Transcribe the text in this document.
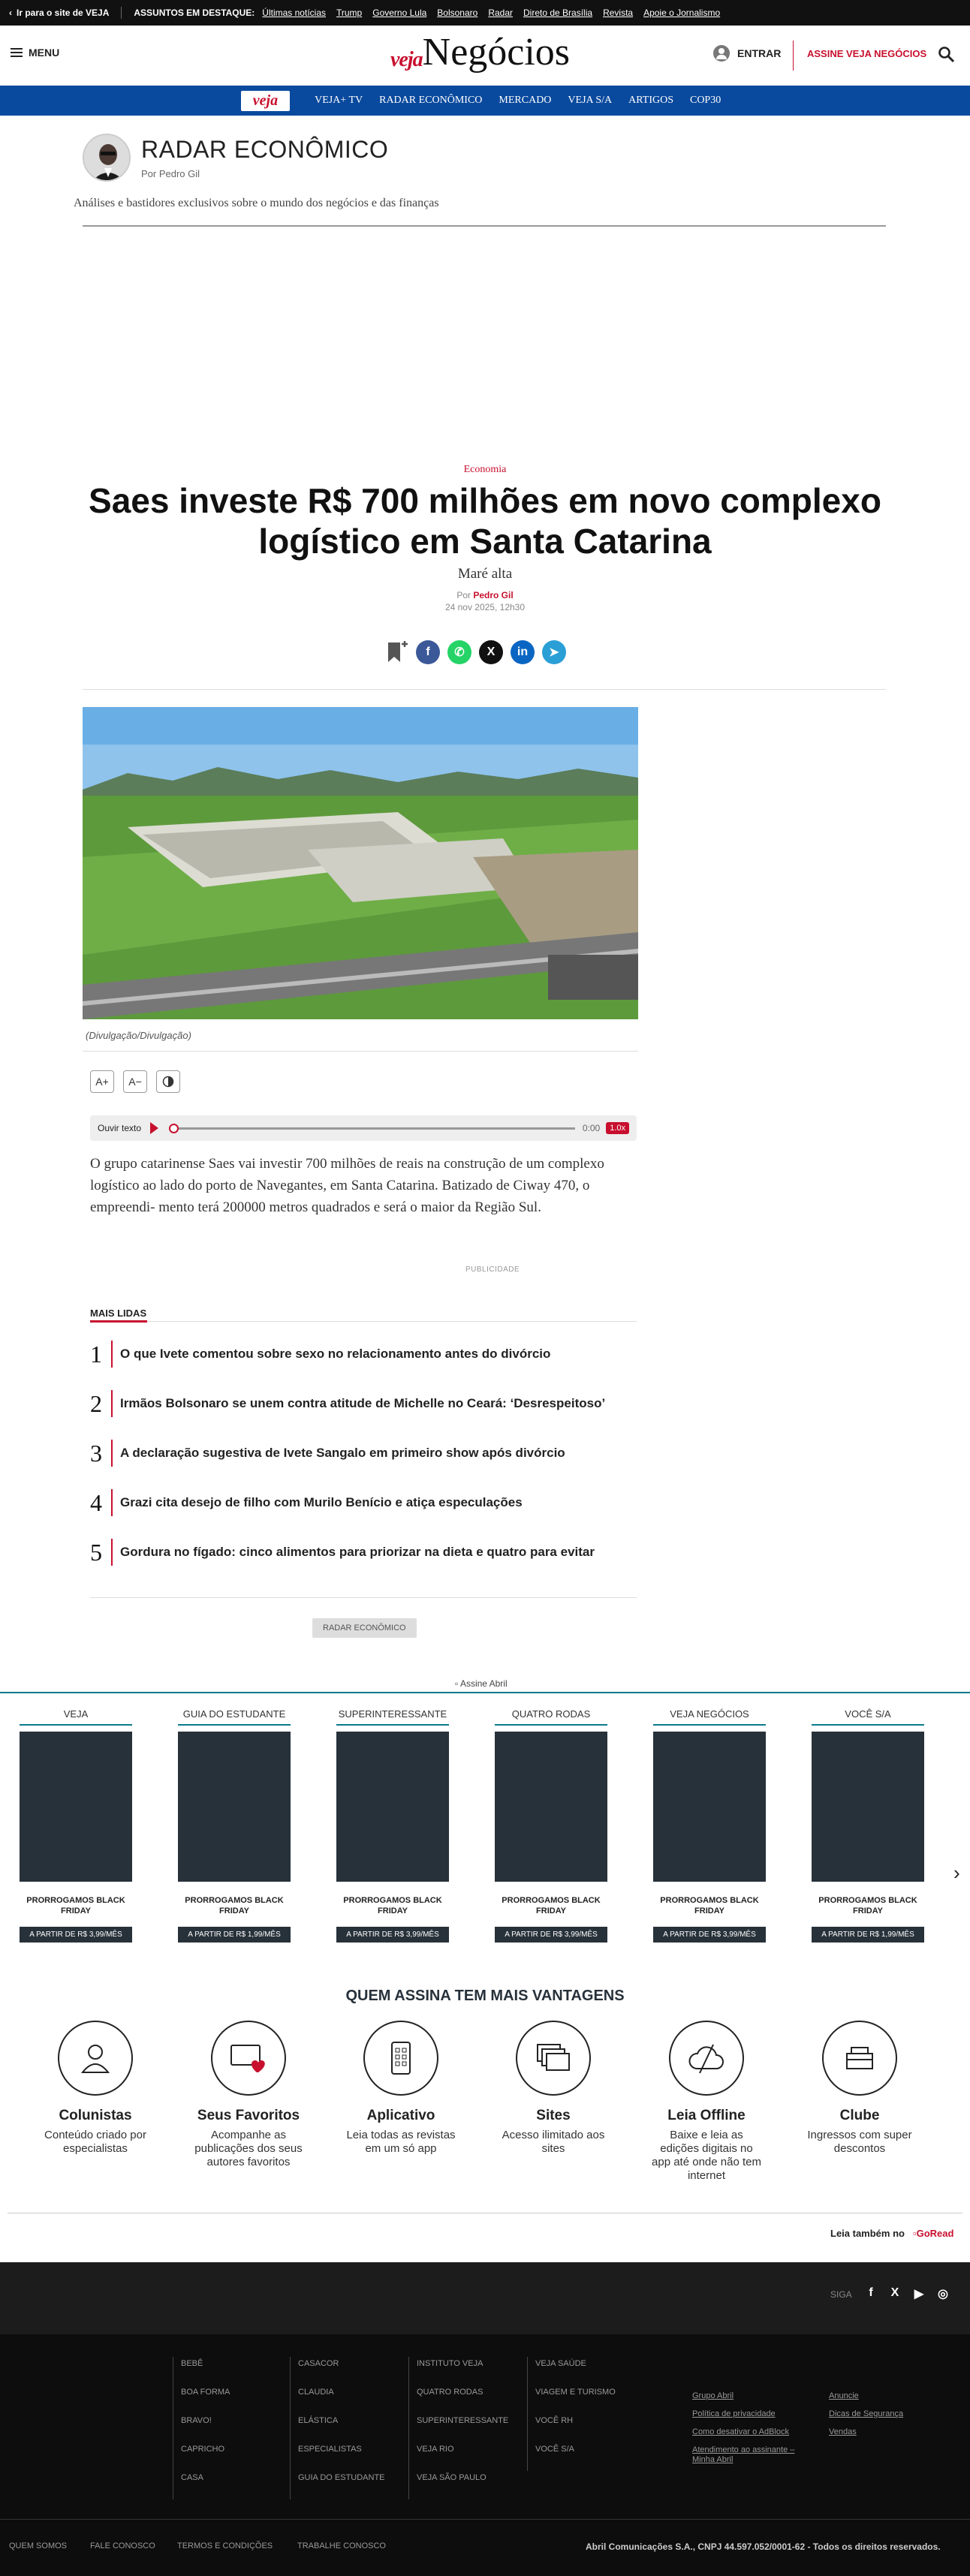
‹ Ir para o site de VEJA	ASSUNTOS EM DESTAQUE: Últimas notícias Trump Governo Lula Bolsonaro Radar Direto de Brasília Revista Apoie o Jornalismo
MENU	veja Negócios	ENTRAR	ASSINE VEJA NEGÓCIOS
veja	VEJA+ TV RADAR ECONÔMICO MERCADO VEJA S/A ARTIGOS COP30
RADAR ECONÔMICO
Por Pedro Gil
Análises e bastidores exclusivos sobre o mundo dos negócios e das finanças
Economia
Saes investe R$ 700 milhões em novo complexo logístico em Santa Catarina
Maré alta
Por Pedro Gil
24 nov 2025, 12h30
f	✆	X	in	➤
(Divulgação/Divulgação)
A+	A−
Ouvir texto	0:00	1.0x

O grupo catarinense Saes vai investir 700 milhões de reais na construção de um complexo logístico ao lado do porto de Navegantes, em Santa Catarina. Batizado de Ciway 470, o empreendi- mento terá 200000 metros quadrados e será o maior da Região Sul.

PUBLICIDADE
MAIS LIDAS
1	O que Ivete comentou sobre sexo no relacionamento antes do divórcio
2	Irmãos Bolsonaro se unem contra atitude de Michelle no Ceará: ‘Desrespeitoso’
3	A declaração sugestiva de Ivete Sangalo em primeiro show após divórcio
4	Grazi cita desejo de filho com Murilo Benício e atiça especulações
5	Gordura no fígado: cinco alimentos para priorizar na dieta e quatro para evitar
RADAR ECONÔMICO
▫ Assine Abril
VEJA
PRORROGAMOS BLACK FRIDAY
A PARTIR DE R$ 3,99/MÊS
GUIA DO ESTUDANTE
PRORROGAMOS BLACK FRIDAY
A PARTIR DE R$ 1,99/MÊS
SUPERINTERESSANTE
PRORROGAMOS BLACK FRIDAY
A PARTIR DE R$ 3,99/MÊS
QUATRO RODAS
PRORROGAMOS BLACK FRIDAY
A PARTIR DE R$ 3,99/MÊS
VEJA NEGÓCIOS
PRORROGAMOS BLACK FRIDAY
A PARTIR DE R$ 3,99/MÊS
VOCÊ S/A
PRORROGAMOS BLACK FRIDAY
A PARTIR DE R$ 1,99/MÊS
›
QUEM ASSINA TEM MAIS VANTAGENS
Colunistas
Conteúdo criado por especialistas
Seus Favoritos
Acompanhe as publicações dos seus autores favoritos
Aplicativo
Leia todas as revistas em um só app
Sites
Acesso ilimitado aos sites
Leia Offline
Baixe e leia as edições digitais no app até onde não tem internet
Clube
Ingressos com super descontos
Leia também no ▫GoRead
SIGA	f	X ▶ ◎
BEBÊ
BOA FORMA
BRAVO!
CAPRICHO
CASA
CASACOR
CLAUDIA
ELÁSTICA
ESPECIALISTAS
GUIA DO ESTUDANTE
INSTITUTO VEJA
QUATRO RODAS
SUPERINTERESSANTE
VEJA RIO
VEJA SÃO PAULO
VEJA SAÚDE
VIAGEM E TURISMO
VOCÊ RH
VOCÊ S/A
Grupo Abril
Política de privacidade
Como desativar o AdBlock
Atendimento ao assinante – Minha Abril
Anuncie
Dicas de Segurança
Vendas
QUEM SOMOS	FALE CONOSCO	TERMOS E CONDIÇÕES	TRABALHE CONOSCO	Abril Comunicações S.A., CNPJ 44.597.052/0001-62 - Todos os direitos reservados.
